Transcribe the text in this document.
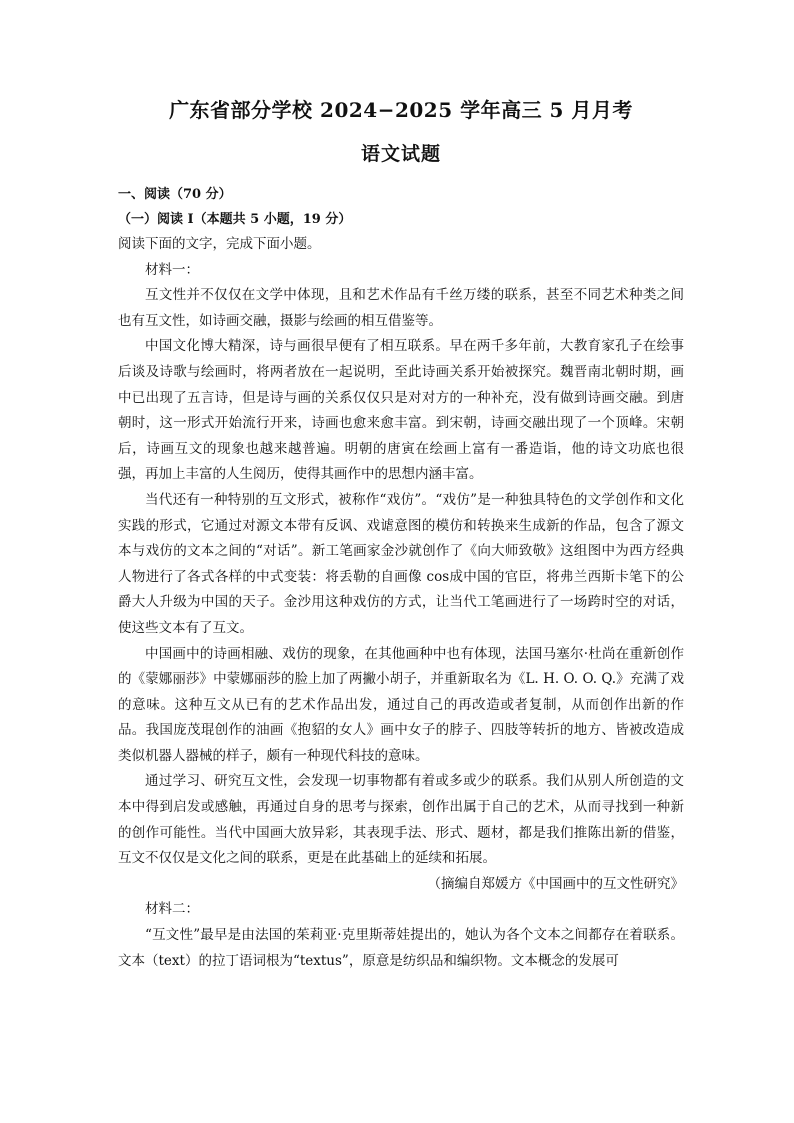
广东省部分学校 2024−2025 学年高三 5 月月考
语文试题

一、阅读（70 分）

（一）阅读 I（本题共 5 小题，19 分）

阅读下面的文字，完成下面小题。

材料一：

互文性并不仅仅在文学中体现，且和艺术作品有千丝万缕的联系，甚至不同艺术种类之间也有互文性，如诗画交融，摄影与绘画的相互借鉴等。

中国文化博大精深，诗与画很早便有了相互联系。早在两千多年前，大教育家孔子在绘事后谈及诗歌与绘画时，将两者放在一起说明，至此诗画关系开始被探究。魏晋南北朝时期，画中已出现了五言诗，但是诗与画的关系仅仅只是对对方的一种补充，没有做到诗画交融。到唐朝时，这一形式开始流行开来，诗画也愈来愈丰富。到宋朝，诗画交融出现了一个顶峰。宋朝后，诗画互文的现象也越来越普遍。明朝的唐寅在绘画上富有一番造诣，他的诗文功底也很强，再加上丰富的人生阅历，使得其画作中的思想内涵丰富。

当代还有一种特别的互文形式，被称作“戏仿”。“戏仿”是一种独具特色的文学创作和文化实践的形式，它通过对源文本带有反讽、戏谑意图的模仿和转换来生成新的作品，包含了源文本与戏仿的文本之间的“对话”。新工笔画家金沙就创作了《向大师致敬》这组图中为西方经典人物进行了各式各样的中式变装：将丢勒的自画像 cos成中国的官臣，将弗兰西斯卡笔下的公爵大人升级为中国的天子。金沙用这种戏仿的方式，让当代工笔画进行了一场跨时空的对话，使这些文本有了互文。

中国画中的诗画相融、戏仿的现象，在其他画种中也有体现，法国马塞尔·杜尚在重新创作的《蒙娜丽莎》中蒙娜丽莎的脸上加了两撇小胡子，并重新取名为《L. H. O. O. Q.》充满了戏的意味。这种互文从已有的艺术作品出发，通过自己的再改造或者复制，从而创作出新的作品。我国庞茂琨创作的油画《抱貂的女人》画中女子的脖子、四肢等转折的地方、皆被改造成类似机器人器械的样子，颇有一种现代科技的意味。

通过学习、研究互文性，会发现一切事物都有着或多或少的联系。我们从别人所创造的文本中得到启发或感触，再通过自身的思考与探索，创作出属于自己的艺术，从而寻找到一种新的创作可能性。当代中国画大放异彩，其表现手法、形式、题材，都是我们推陈出新的借鉴，互文不仅仅是文化之间的联系，更是在此基础上的延续和拓展。

（摘编自郑媛方《中国画中的互文性研究》

材料二：

“互文性”最早是由法国的茱莉亚·克里斯蒂娃提出的，她认为各个文本之间都存在着联系。文本（text）的拉丁语词根为“textus”，原意是纺织品和编织物。文本概念的发展可
